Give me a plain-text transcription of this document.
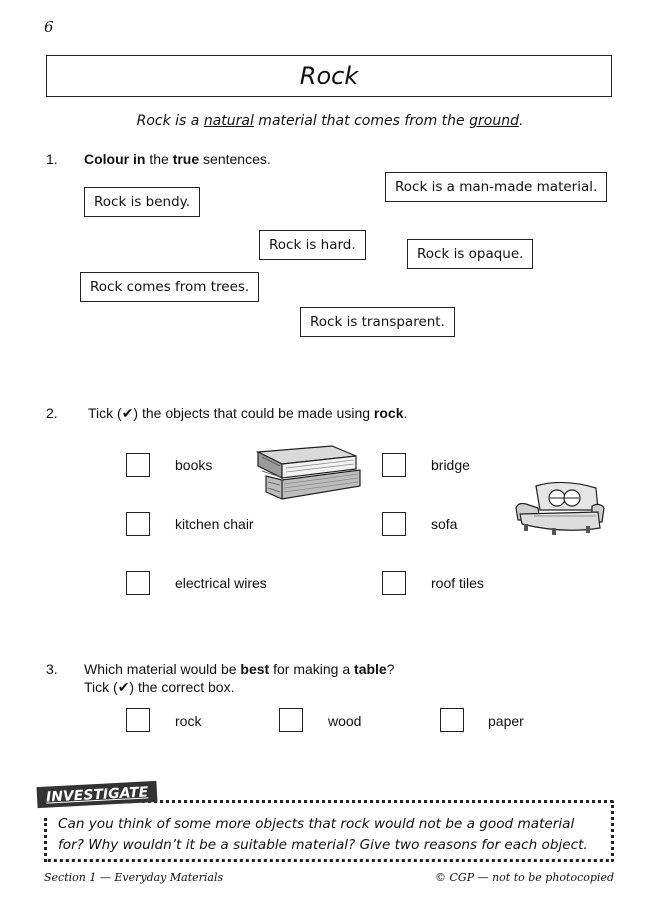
6
Rock
Rock is a natural material that comes from the ground.
1. Colour in the true sentences.
Rock is bendy.
Rock is a man-made material.
Rock is hard.
Rock is opaque.
Rock comes from trees.
Rock is transparent.
2. Tick (✔) the objects that could be made using rock.
books	bridge
kitchen chair	sofa
electrical wires	roof tiles
3. Which material would be best for making a table?
Tick (✔) the correct box.
rock	wood	paper
INVESTIGATE
Can you think of some more objects that rock would not be a good material
for? Why wouldn’t it be a suitable material? Give two reasons for each object.
Section 1 — Everyday Materials	© CGP — not to be photocopied
